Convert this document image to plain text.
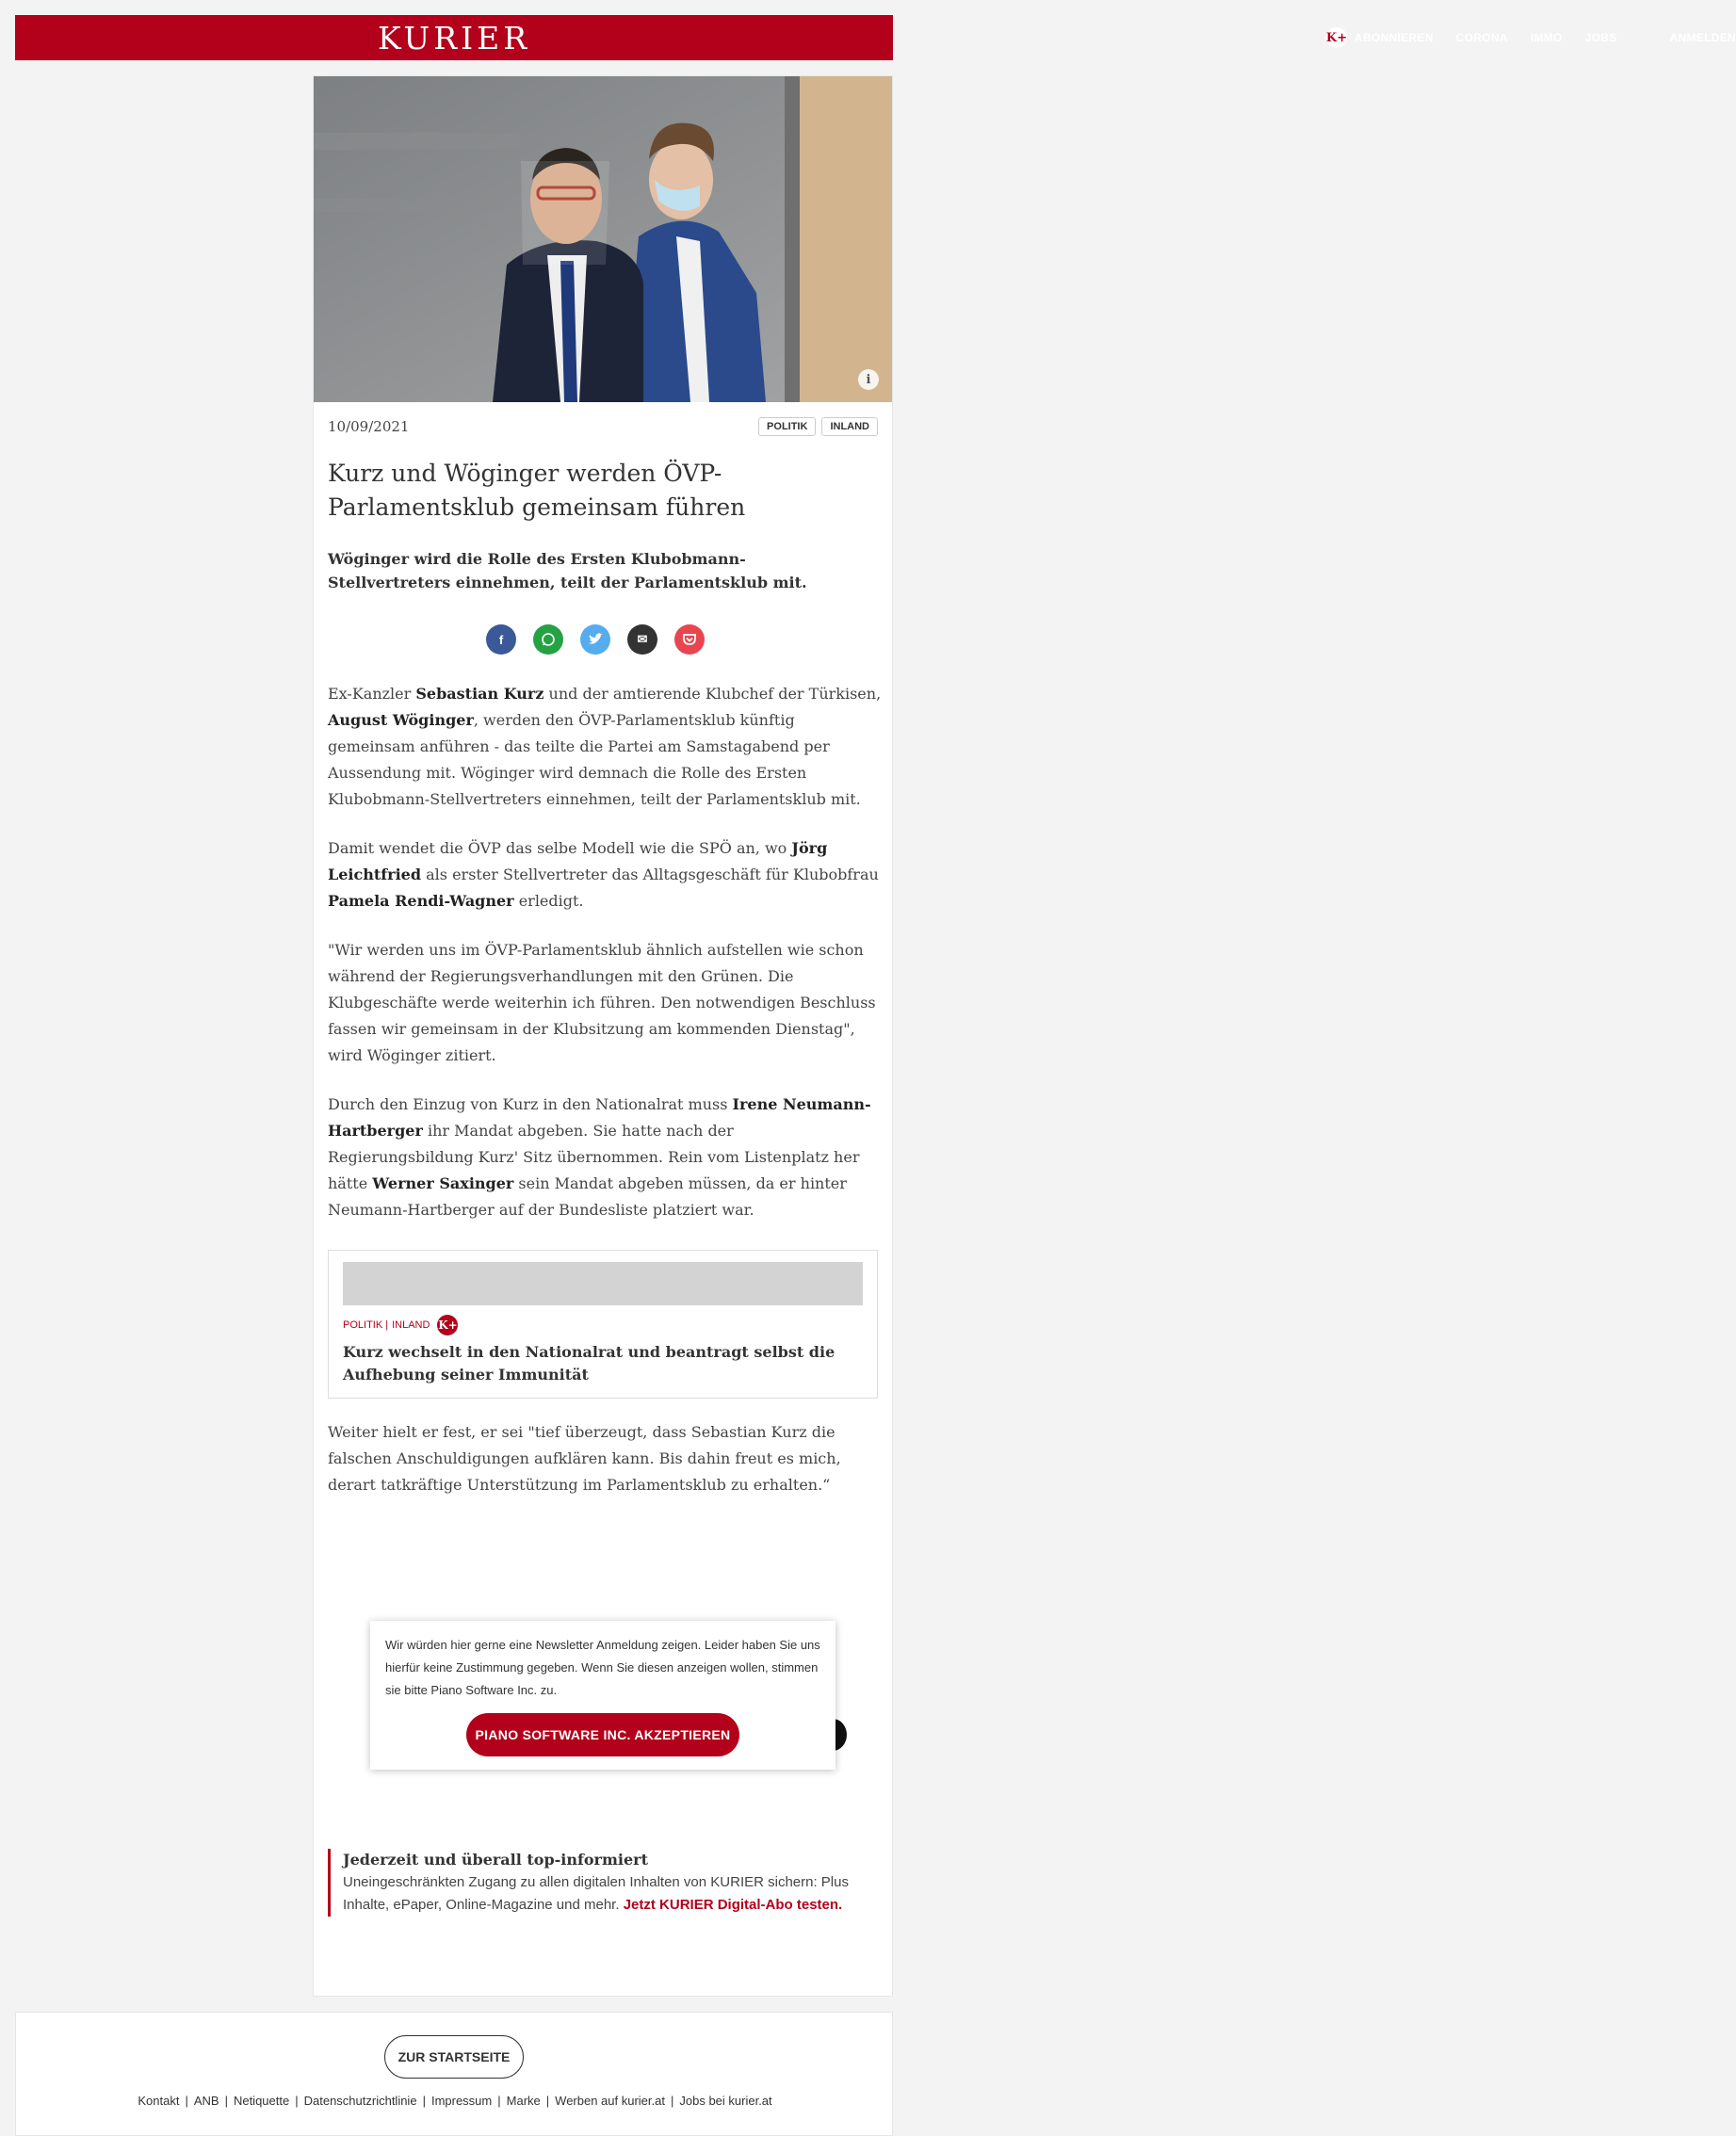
KURIER	K+ ABONNIEREN CORONA IMMO JOBS	ANMELDEN
i
10/09/2021	POLITIK	INLAND
Kurz und Wöginger werden ÖVP-Parlamentsklub gemeinsam führen

Wöginger wird die Rolle des Ersten Klubobmann-Stellvertreters einnehmen, teilt der Parlamentsklub mit.

f	✉

Ex-Kanzler Sebastian Kurz und der amtierende Klubchef der Türkisen, August Wöginger, werden den ÖVP-Parlamentsklub künftig gemeinsam anführen - das teilte die Partei am Samstagabend per Aussendung mit. Wöginger wird demnach die Rolle des Ersten Klubobmann-Stellvertreters einnehmen, teilt der Parlamentsklub mit.

Damit wendet die ÖVP das selbe Modell wie die SPÖ an, wo Jörg Leichtfried als erster Stellvertreter das Alltagsgeschäft für Klubobfrau Pamela Rendi-Wagner erledigt.

"Wir werden uns im ÖVP-Parlamentsklub ähnlich aufstellen wie schon während der Regierungsverhandlungen mit den Grünen. Die Klubgeschäfte werde weiterhin ich führen. Den notwendigen Beschluss fassen wir gemeinsam in der Klubsitzung am kommenden Dienstag", wird Wöginger zitiert.

Durch den Einzug von Kurz in den Nationalrat muss Irene Neumann-Hartberger ihr Mandat abgeben. Sie hatte nach der Regierungsbildung Kurz' Sitz übernommen. Rein vom Listenplatz her hätte Werner Saxinger sein Mandat abgeben müssen, da er hinter Neumann-Hartberger auf der Bundesliste platziert war.

POLITIK | INLAND K+
Kurz wechselt in den Nationalrat und beantragt selbst die Aufhebung seiner Immunität

Weiter hielt er fest, er sei "tief überzeugt, dass Sebastian Kurz die falschen Anschuldigungen aufklären kann. Bis dahin freut es mich, derart tatkräftige Unterstützung im Parlamentsklub zu erhalten.“

Wir würden hier gerne eine Newsletter Anmeldung zeigen. Leider haben Sie uns hierfür keine Zustimmung gegeben. Wenn Sie diesen anzeigen wollen, stimmen sie bitte Piano Software Inc. zu.

PIANO SOFTWARE INC. AKZEPTIEREN
Jederzeit und überall top-informiert
Uneingeschränkten Zugang zu allen digitalen Inhalten von KURIER sichern: Plus Inhalte, ePaper, Online-Magazine und mehr. Jetzt KURIER Digital-Abo testen.
ZUR STARTSEITE
Kontakt | ANB | Netiquette | Datenschutzrichtlinie | Impressum | Marke | Werben auf kurier.at | Jobs bei kurier.at
